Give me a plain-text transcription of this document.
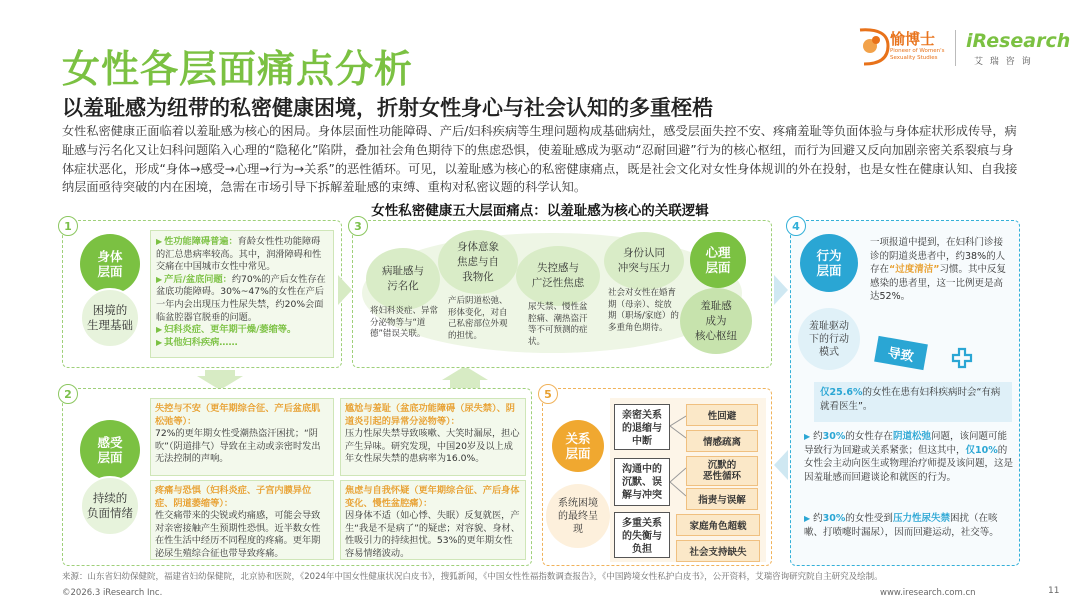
女性各层面痛点分析
以羞耻感为纽带的私密健康困境，折射女性身心与社会认知的多重桎梏
女性私密健康正面临着以羞耻感为核心的困局。身体层面性功能障碍、产后/妇科疾病等生理问题构成基础病灶，感受层面失控不安、疼痛羞耻等负面体验与身体症状形成传导，病耻感与污名化又让妇科问题陷入心理的“隐秘化”陷阱，叠加社会角色期待下的焦虑恐惧，使羞耻感成为驱动“忍耐回避”行为的核心枢纽，而行为回避又反向加剧亲密关系裂痕与身体症状恶化，形成“身体→感受→心理→行为→关系”的恶性循环。可见，以羞耻感为核心的私密健康痛点，既是社会文化对女性身体规训的外在投射，也是女性在健康认知、自我接纳层面亟待突破的内在困境，急需在市场引导下拆解羞耻感的束缚、重构对私密议题的科学认知。
愉博士
Pioneer of Women's Sexuality Studies
iResearch
艾 瑞 咨 询
女性私密健康五大层面痛点：以羞耻感为核心的关联逻辑
1
身体
层面
困境的
生理基础
▶ 性功能障碍普遍：育龄女性性功能障碍的汇总患病率较高。其中，润滑障碍和性交痛在中国城市女性中常见。
▶ 产后/盆底问题：约70%的产后女性存在盆底功能障碍。30%~47%的女性在产后一年内会出现压力性尿失禁，约20%会面临盆腔器官脱垂的问题。
▶ 妇科炎症、更年期干燥/萎缩等。
▶ 其他妇科疾病……
2
感受
层面
持续的
负面情绪
失控与不安（更年期综合征、产后盆底肌松弛等）：
72%的更年期女性受潮热盗汗困扰；“阴吹”（阴道排气）导致在主动或亲密时发出无法控制的声响。
尴尬与羞耻（盆底功能障碍（尿失禁）、阴道炎引起的异常分泌物等）：
压力性尿失禁导致咳嗽、大笑时漏尿，担心产生异味。研究发现，中国20岁及以上成年女性尿失禁的患病率为16.0%。
疼痛与恐惧（妇科炎症、子宫内膜异位症、阴道萎缩等）：
性交痛带来的尖锐或灼痛感，可能会导致对亲密接触产生预期性恐惧。近半数女性在性生活中经历不同程度的疼痛。更年期泌尿生殖综合征也带导致疼痛。
焦虑与自我怀疑（更年期综合征、产后身体变化、慢性盆腔痛）：
因身体不适（如心悸、失眠）反复就医，产生“我是不是病了”的疑虑；对容貌、身材、性吸引力的持续担忧。53%的更年期女性容易情绪波动。
3
病耻感与
污名化
将妇科炎症、异常分泌物等与“道德”错误关联。
身体意象
焦虑与自
我物化
产后阴道松弛、形体变化，对自己私密部位外观的担忧。
失控感与
广泛性焦虑
尿失禁、慢性盆腔痛、潮热盗汗等不可预测的症状。
身份认同
冲突与压力
社会对女性在婚育期（母亲）、绽放期（职场/家庭）的多重角色期待。
心理
层面
羞耻感
成为
核心枢纽
4
行为
层面
羞耻驱动
下的行动
模式	导致
一项报道中提到，在妇科门诊接诊的阴道炎患者中，约38%的人存在“过度清洁”习惯。其中反复感染的患者里，这一比例更是高达52%。
仅25.6%的女性在患有妇科疾病时会“有病就看医生”。
▶ 约30%的女性存在阴道松弛问题，该问题可能导致行为回避或关系紧张；但这其中，仅10%的女性会主动向医生或物理治疗师提及该问题，这是因羞耻感而回避谈论和就医的行为。
▶ 约30%的女性受到压力性尿失禁困扰（在咳嗽、打喷嚏时漏尿），因而回避运动，社交等。
5
关系
层面
系统困境
的最终呈
现
亲密关系
的退缩与
中断
性回避
情感疏离
沟通中的
沉默、误
解与冲突
沉默的
恶性循环
指责与误解
多重关系
的失衡与
负担
家庭角色超载
社会支持缺失
来源：山东省妇幼保健院，福建省妇幼保健院，北京协和医院，《2024年中国女性健康状况白皮书》，搜狐新闻，《中国女性性福指数调查报告》，《中国跨境女性私护白皮书》，公开资料，艾瑞咨询研究院自主研究及绘制。
©2026.3 iResearch Inc.	www.iresearch.com.cn	11
